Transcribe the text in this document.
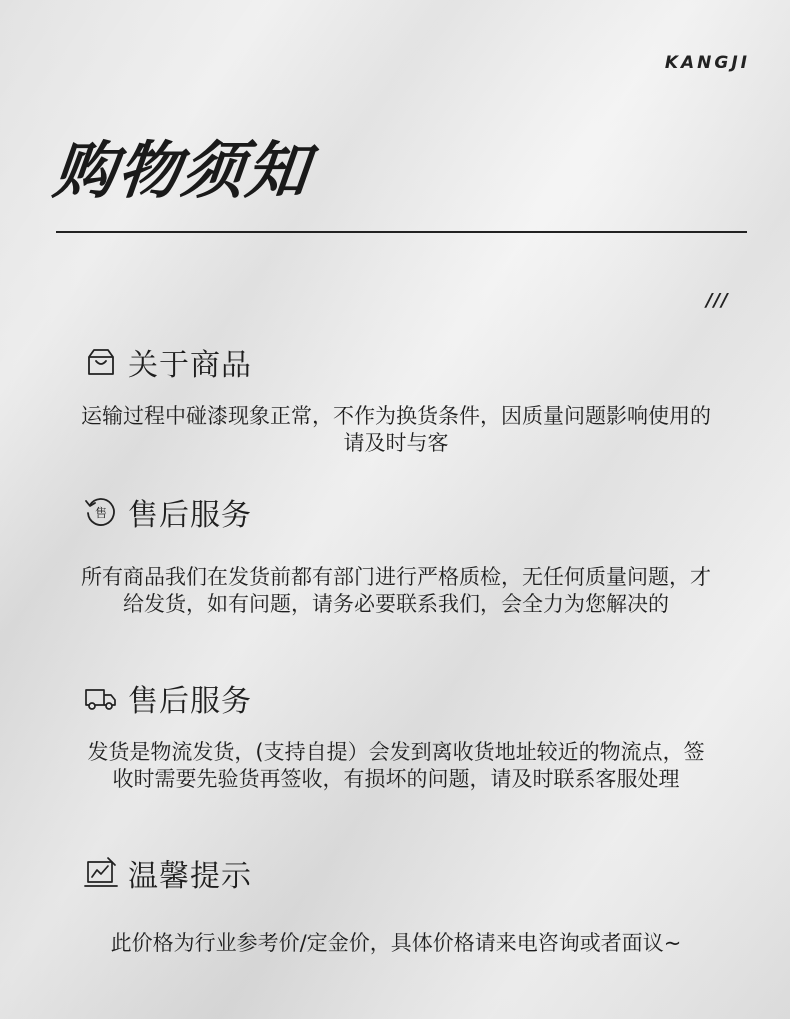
KANGJI
购物须知
///
关于商品
运输过程中碰漆现象正常，不作为换货条件，因质量问题影响使用的请及时与客
售 售后服务
所有商品我们在发货前都有部门进行严格质检，无任何质量问题，才给发货，如有问题，请务必要联系我们，会全力为您解决的
售后服务
发货是物流发货，(支持自提）会发到离收货地址较近的物流点，签收时需要先验货再签收，有损坏的问题，请及时联系客服处理
温馨提示
此价格为行业参考价/定金价，具体价格请来电咨询或者面议~
